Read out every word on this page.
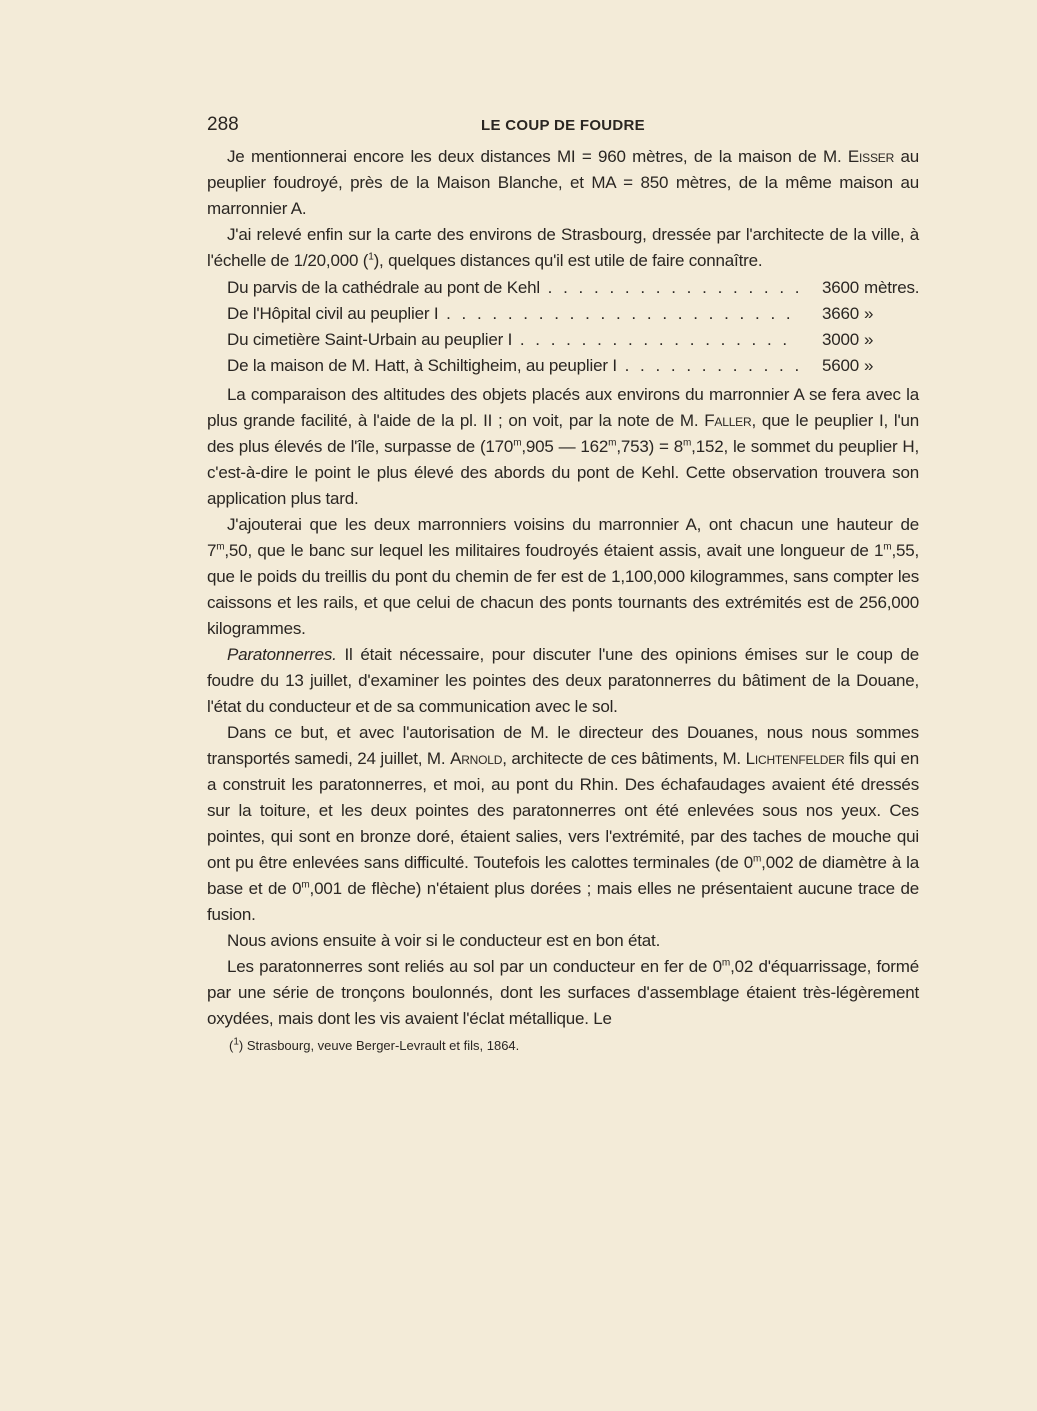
288	LE COUP DE FOUDRE

Je mentionnerai encore les deux distances MI = 960 mètres, de la maison de M. Eisser au peuplier foudroyé, près de la Maison Blanche, et MA = 850 mètres, de la même maison au marronnier A.

J'ai relevé enfin sur la carte des environs de Strasbourg, dressée par l'architecte de la ville, à l'échelle de 1/20,000 ($^1$), quelques distances qu'il est utile de faire connaître.

Du parvis de la cathédrale au pont de Kehl . . .	3600 mètres.
De l'Hôpital civil au peuplier I . . .	3660 »
Du cimetière Saint-Urbain au peuplier I . . .	3000 »
De la maison de M. Hatt, à Schiltigheim, au peuplier I . . .	5600 »

La comparaison des altitudes des objets placés aux environs du marronnier A se fera avec la plus grande facilité, à l'aide de la pl. II ; on voit, par la note de M. Faller, que le peuplier I, l'un des plus élevés de l'île, surpasse de (170$^m$,905 — $162^m,753) = 8^m,152$, le sommet du peuplier H, c'est-à-dire le point le plus élevé des abords du pont de Kehl. Cette observation trouvera son application plus tard.

J'ajouterai que les deux marronniers voisins du marronnier A, ont chacun une hauteur de 7$^m$,50, que le banc sur lequel les militaires foudroyés étaient assis, avait une longueur de 1$^m$,55, que le poids du treillis du pont du chemin de fer est de 1,100,000 kilogrammes, sans compter les caissons et les rails, et que celui de chacun des ponts tournants des extrémités est de 256,000 kilogrammes.

Paratonnerres. Il était nécessaire, pour discuter l'une des opinions émises sur le coup de foudre du 13 juillet, d'examiner les pointes des deux paratonnerres du bâtiment de la Douane, l'état du conducteur et de sa communication avec le sol.

Dans ce but, et avec l'autorisation de M. le directeur des Douanes, nous nous sommes transportés samedi, 24 juillet, M. Arnold, architecte de ces bâtiments, M. Lichtenfelder fils qui en a construit les paratonnerres, et moi, au pont du Rhin. Des échafaudages avaient été dressés sur la toiture, et les deux pointes des paratonnerres ont été enlevées sous nos yeux. Ces pointes, qui sont en bronze doré, étaient salies, vers l'extrémité, par des taches de mouche qui ont pu être enlevées sans difficulté. Toutefois les calottes terminales (de 0$^m$,002 de diamètre à la base et de 0$^m$,001 de flèche) n'étaient plus dorées ; mais elles ne présentaient aucune trace de fusion.

Nous avions ensuite à voir si le conducteur est en bon état.

Les paratonnerres sont reliés au sol par un conducteur en fer de 0$^m$,02 d'équarrissage, formé par une série de tronçons boulonnés, dont les surfaces d'assemblage étaient très-légèrement oxydées, mais dont les vis avaient l'éclat métallique. Le

($^1$) Strasbourg, veuve Berger-Levrault et fils, 1864.
